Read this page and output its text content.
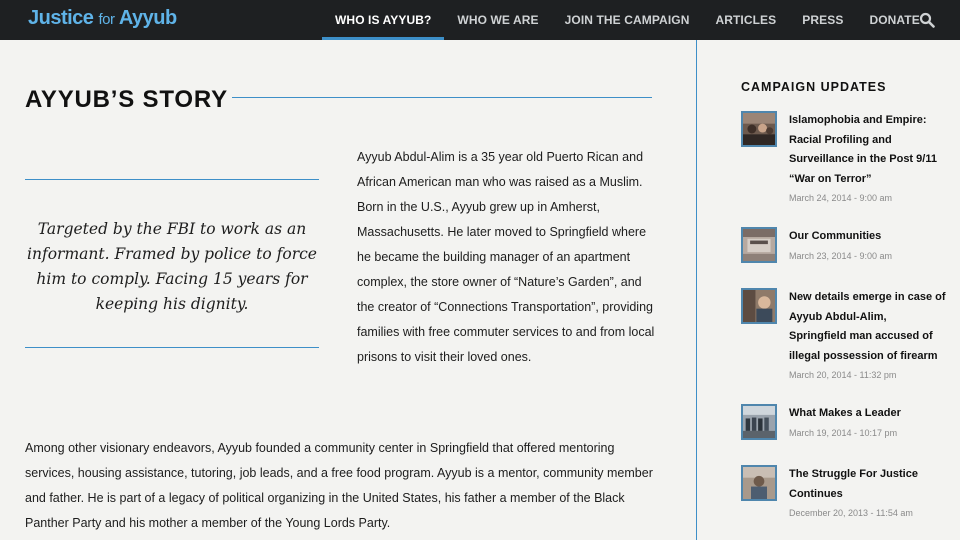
Justice for Ayyub	WHO IS AYYUB?	WHO WE ARE	JOIN THE CAMPAIGN	ARTICLES	PRESS	DONATE
AYYUB’S STORY
Targeted by the FBI to work as an informant. Framed by police to force him to comply. Facing 15 years for keeping his dignity.
Ayyub Abdul-Alim is a 35 year old Puerto Rican and African American man who was raised as a Muslim. Born in the U.S., Ayyub grew up in Amherst, Massachusetts. He later moved to Springfield where he became the building manager of an apartment complex, the store owner of “Nature’s Garden”, and the creator of “Connections Transportation”, providing families with free commuter services to and from local prisons to visit their loved ones.
Among other visionary endeavors, Ayyub founded a community center in Springfield that offered mentoring services, housing assistance, tutoring, job leads, and a free food program. Ayyub is a mentor, community member and father. He is part of a legacy of political organizing in the United States, his father a member of the Black Panther Party and his mother a member of the Young Lords Party.
CAMPAIGN UPDATES
Islamophobia and Empire: Racial Profiling and Surveillance in the Post 9/11 “War on Terror”
March 24, 2014 - 9:00 am
Our Communities
March 23, 2014 - 9:00 am
New details emerge in case of Ayyub Abdul-Alim, Springfield man accused of illegal possession of firearm
March 20, 2014 - 11:32 pm
What Makes a Leader
March 19, 2014 - 10:17 pm
The Struggle For Justice Continues
December 20, 2013 - 11:54 am
